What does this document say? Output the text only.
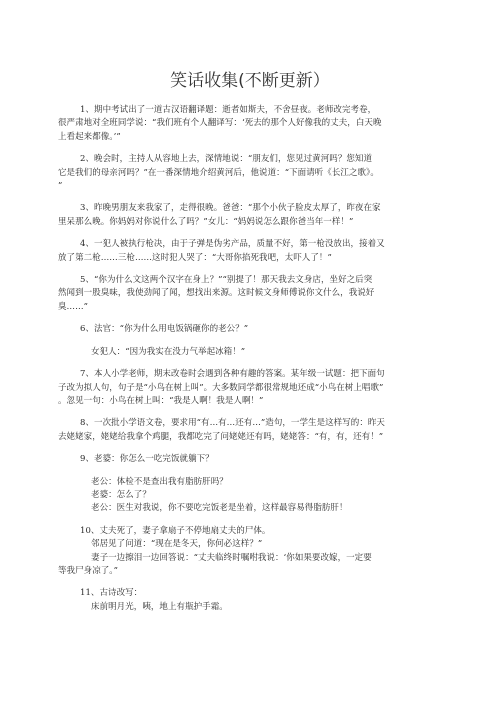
笑话收集(不断更新）

1、期中考试出了一道古汉语翻译题：逝者如斯夫，不舍昼夜。老师改完考卷，

很严肃地对全班同学说：“我们班有个人翻译写：‘死去的那个人好像我的丈夫，白天晚

上看起来都像。’”

2、晚会时，主持人从容地上去，深情地说：“朋友们，您见过黄河吗？您知道

它是我们的母亲河吗？”在一番深情地介绍黄河后，他说道：“下面请听《长江之歌》。

”

3、昨晚男朋友来我家了，走得很晚。爸爸：“那个小伙子脸皮太厚了，昨夜在家

里呆那么晚。你妈妈对你说什么了吗？”女儿：“妈妈说怎么跟你爸当年一样！”

4、一犯人被执行枪决，由于子弹是伪劣产品，质量不好，第一枪没放出，接着又

放了第二枪……三枪……这时犯人哭了：“大哥你掐死我吧，太吓人了！”

5、“你为什么文这两个汉字在身上？”“别提了！那天我去文身店，坐好之后突

然闻到一股臭味，我使劲闻了闻，想找出来源。这时候文身师傅说你文什么，我说好

臭……”

6、法官：“你为什么用电饭锅砸你的老公？”

女犯人：“因为我实在没力气举起冰箱！”

7、本人小学老师，期末改卷时会遇到各种有趣的答案。某年级一试题：把下面句

子改为拟人句，句子是“小鸟在树上叫”。大多数同学都很常规地还成“小鸟在树上唱歌”

。忽见一句：小鸟在树上叫：“我是人啊！我是人啊！”

8、一次批小学语文卷，要求用“有…有…还有…”造句，一学生是这样写的：昨天

去姥姥家，姥姥给我拿个鸡腿，我都吃完了问姥姥还有吗，姥姥答：“有，有，还有！”

9、老婆：你怎么一吃完饭就躺下？

老公：体检不是查出我有脂肪肝吗？

老婆：怎么了？

老公：医生对我说，你不要吃完饭老是坐着，这样最容易得脂肪肝！

10、丈夫死了，妻子拿扇子不停地扇丈夫的尸体。

邻居见了问道：“现在是冬天，你何必这样？”

妻子一边擦泪一边回答说：“丈夫临终时嘱咐我说：‘你如果要改嫁，一定要

等我尸身凉了。”

11、古诗改写：

床前明月光，咦，地上有瓶护手霜。
